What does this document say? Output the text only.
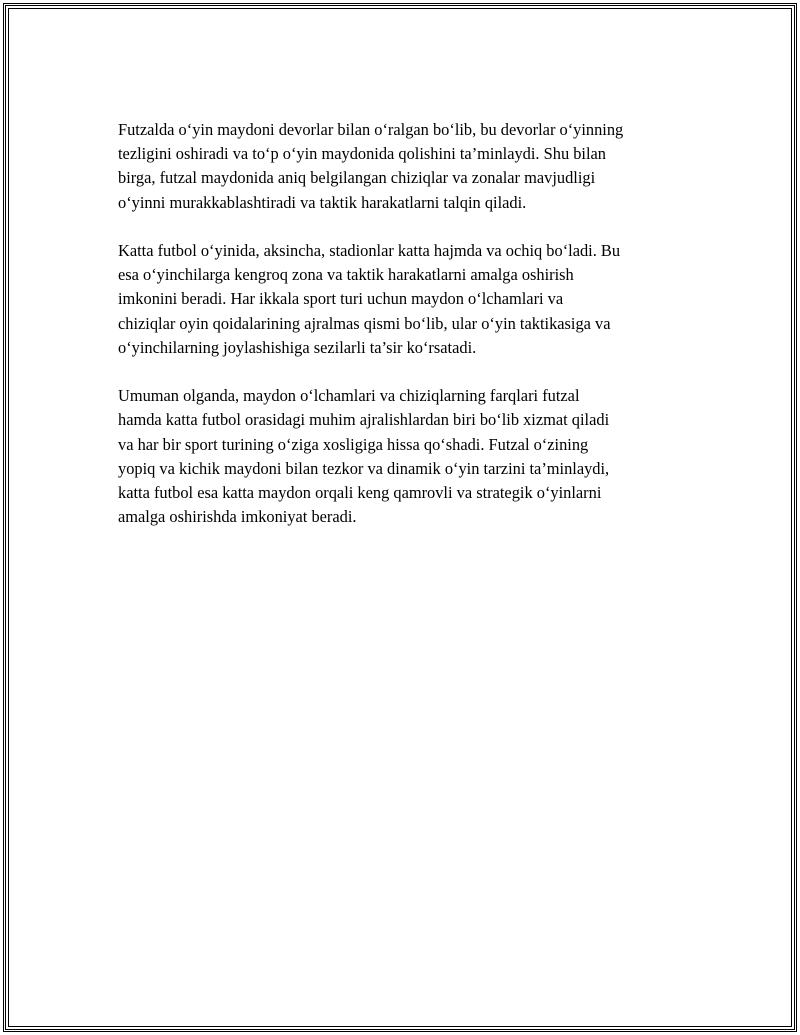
Futzalda o‘yin maydoni devorlar bilan o‘ralgan bo‘lib, bu devorlar o‘yinning
tezligini oshiradi va to‘p o‘yin maydonida qolishini ta’minlaydi. Shu bilan
birga, futzal maydonida aniq belgilangan chiziqlar va zonalar mavjudligi
o‘yinni murakkablashtiradi va taktik harakatlarni talqin qiladi.

Katta futbol o‘yinida, aksincha, stadionlar katta hajmda va ochiq bo‘ladi. Bu
esa o‘yinchilarga kengroq zona va taktik harakatlarni amalga oshirish
imkonini beradi. Har ikkala sport turi uchun maydon o‘lchamlari va
chiziqlar oyin qoidalarining ajralmas qismi bo‘lib, ular o‘yin taktikasiga va
o‘yinchilarning joylashishiga sezilarli ta’sir ko‘rsatadi.

Umuman olganda, maydon o‘lchamlari va chiziqlarning farqlari futzal
hamda katta futbol orasidagi muhim ajralishlardan biri bo‘lib xizmat qiladi
va har bir sport turining o‘ziga xosligiga hissa qo‘shadi. Futzal o‘zining
yopiq va kichik maydoni bilan tezkor va dinamik o‘yin tarzini ta’minlaydi,
katta futbol esa katta maydon orqali keng qamrovli va strategik o‘yinlarni
amalga oshirishda imkoniyat beradi.
